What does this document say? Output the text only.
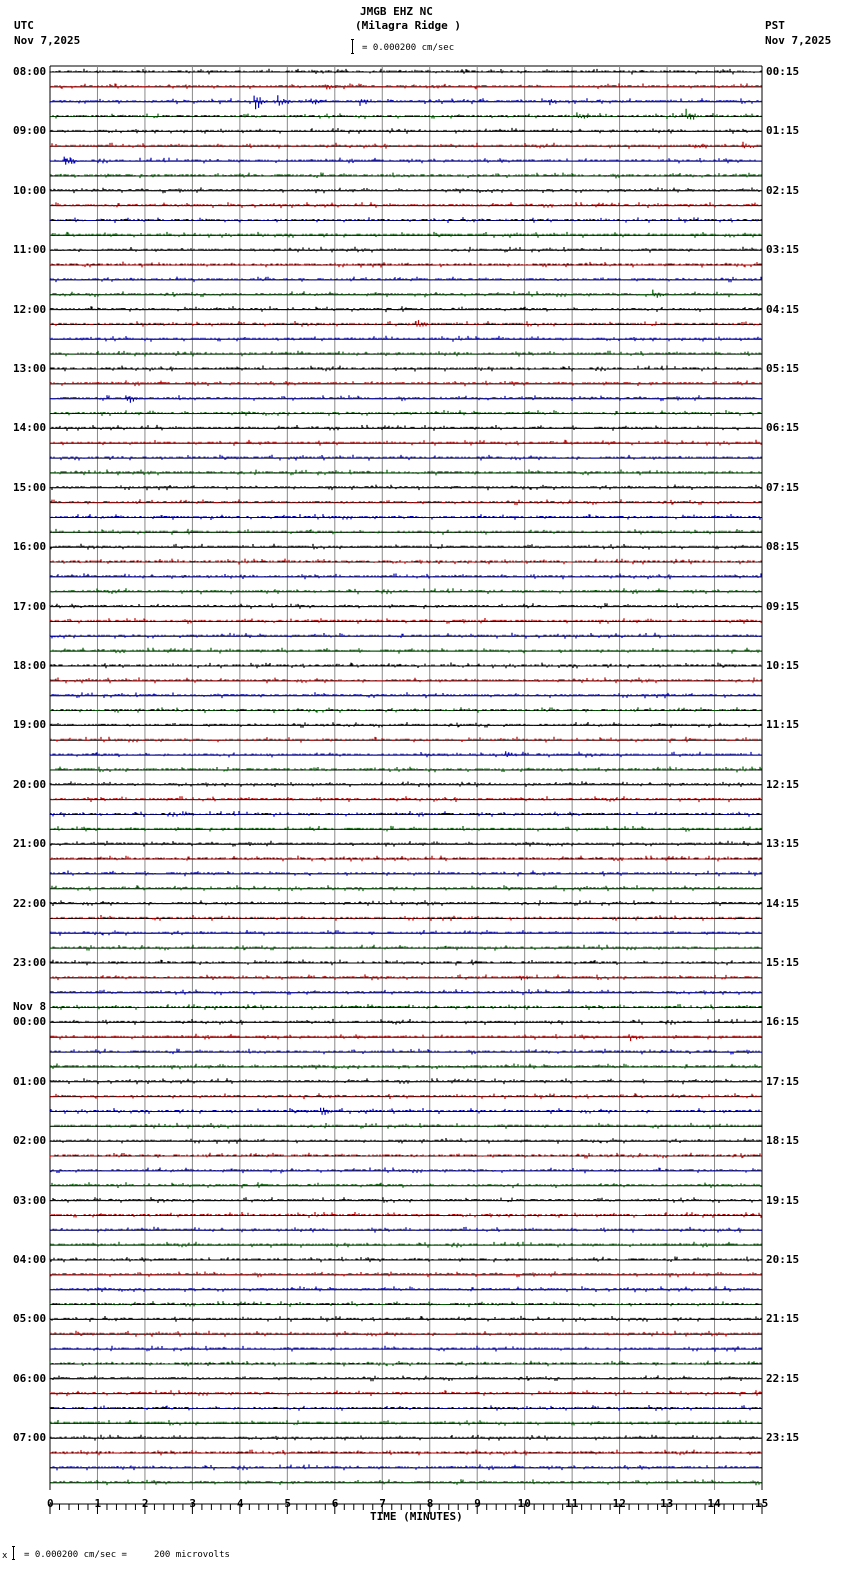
JMGB EHZ NC
(Milagra Ridge )
UTC
Nov 7,2025
PST
Nov 7,2025
= 0.000200 cm/sec
08:00
09:00
10:00
11:00
12:00
13:00
14:00
15:00
16:00
17:00
18:00
19:00
20:00
21:00
22:00
23:00
00:00
Nov 8
01:00
02:00
03:00
04:00
05:00
06:00
07:00
00:15
01:15
02:15
03:15
04:15
05:15
06:15
07:15
08:15
09:15
10:15
11:15
12:15
13:15
14:15
15:15
16:15
17:15
18:15
19:15
20:15
21:15
22:15
23:15
0	1	2	3	4	5	6	7	8	9	10	11	12	13	14	15
TIME (MINUTES)
x = 0.000200 cm/sec =     200 microvolts
